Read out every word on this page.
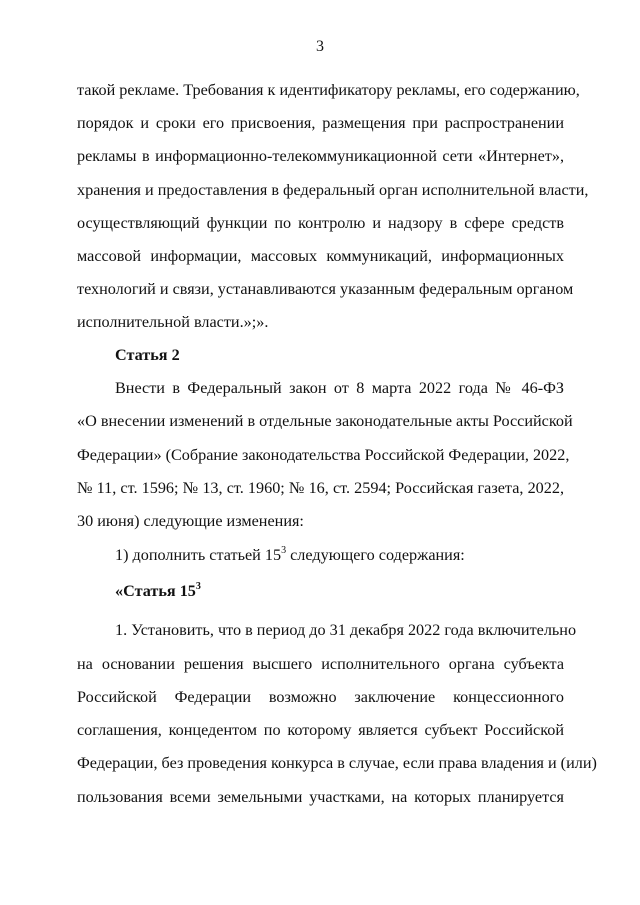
3
такой рекламе. Требования к идентификатору рекламы, его содержанию,
порядок и сроки его присвоения, размещения при распространении
рекламы в информационно-телекоммуникационной сети «Интернет»,
хранения и предоставления в федеральный орган исполнительной власти,
осуществляющий функции по контролю и надзору в сфере средств
массовой информации, массовых коммуникаций, информационных
технологий и связи, устанавливаются указанным федеральным органом
исполнительной власти.»;».
Статья 2
Внести в Федеральный закон от 8 марта 2022 года № 46-ФЗ
«О внесении изменений в отдельные законодательные акты Российской
Федерации» (Собрание законодательства Российской Федерации, 2022,
№ 11, ст. 1596; № 13, ст. 1960; № 16, ст. 2594; Российская газета, 2022,
30 июня) следующие изменения:
1) дополнить статьей $15^3$ следующего содержания:
«Статья $15^3$
1. Установить, что в период до 31 декабря 2022 года включительно
на основании решения высшего исполнительного органа субъекта
Российской Федерации возможно заключение концессионного
соглашения, концедентом по которому является субъект Российской
Федерации, без проведения конкурса в случае, если права владения и (или)
пользования всеми земельными участками, на которых планируется
